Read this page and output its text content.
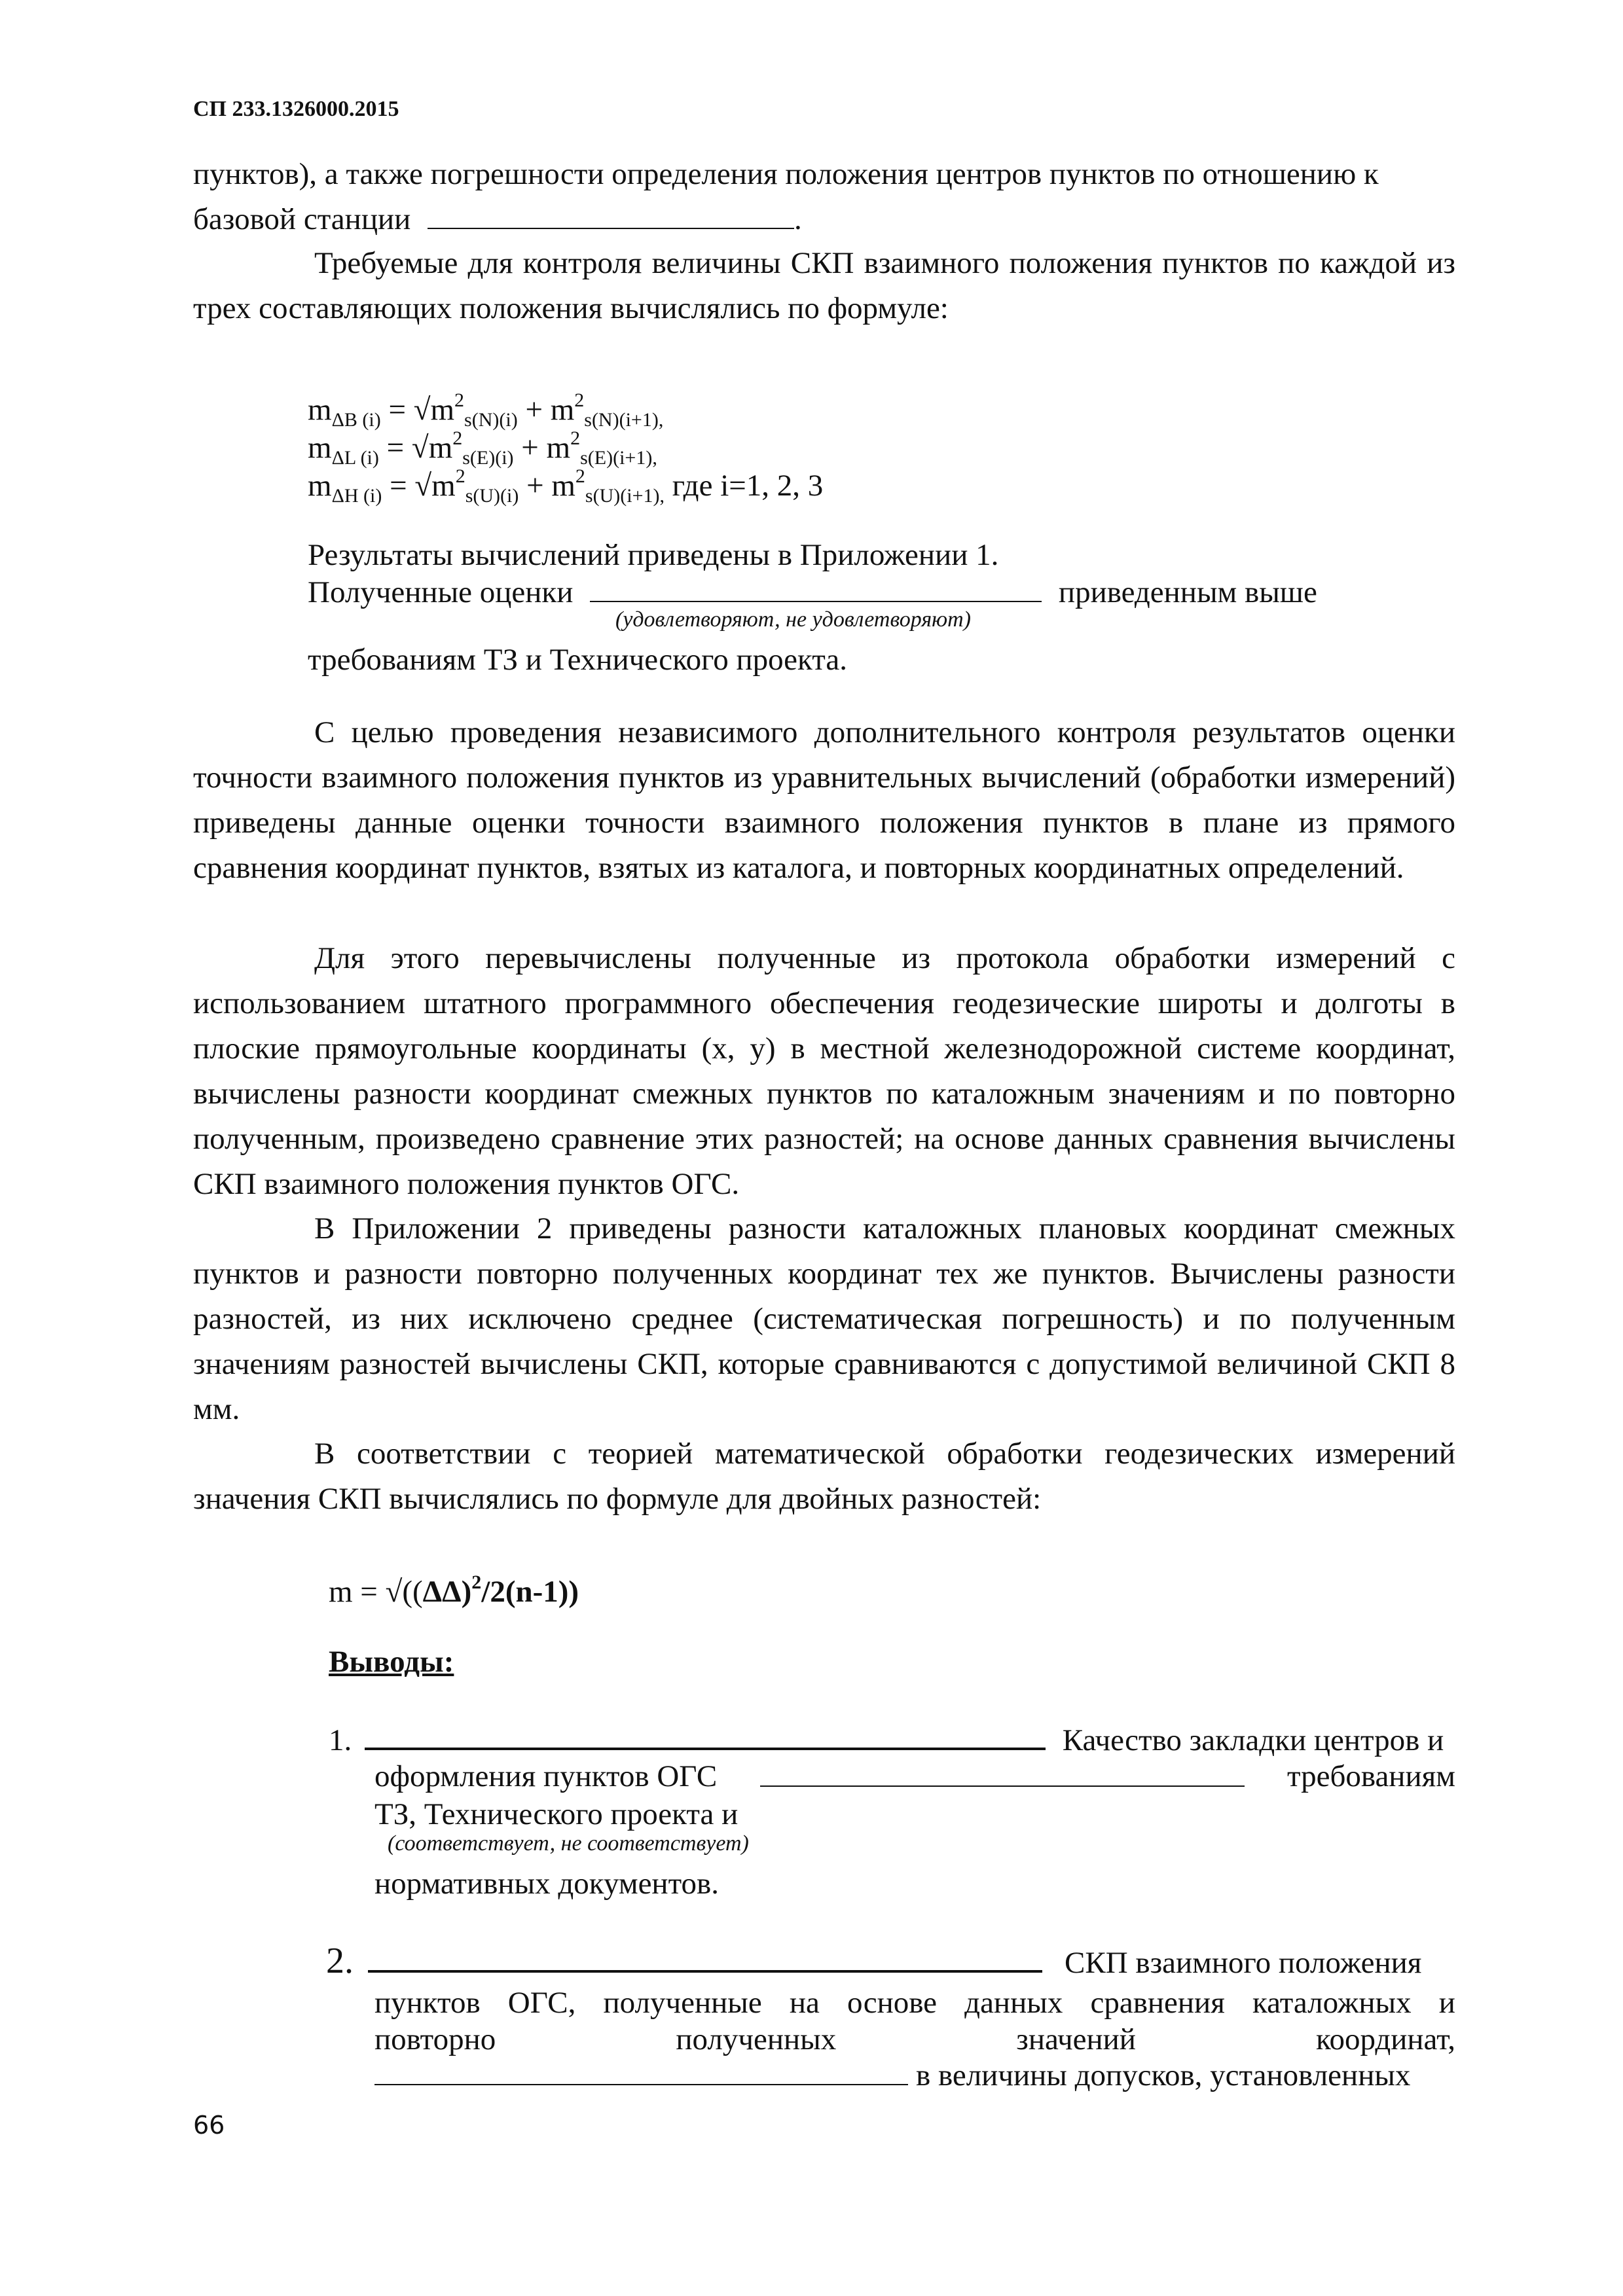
СП 233.1326000.2015
пунктов), а также погрешности определения положения центров пунктов по отношению к
базовой станции	.

Требуемые для контроля величины СКП взаимного положения пунктов по каждой из трех составляющих положения вычислялись по формуле:

$m_{\Delta B (i)} = √m^2_{s(N)(i)} + m^2_{s(N)(i+1),}$
$m_{\Delta L (i)} = √m^2_{s(E)(i)} + m^2_{s(E)(i+1),}$
$m_{\Delta H (i)} = √m^2_{s(U)(i)} + m^2_{s(U)(i+1),}$ где i=1, 2, 3
Результаты вычислений приведены в Приложении 1.
Полученные оценки	приведенным выше
(удовлетворяют, не удовлетворяют)
требованиям ТЗ и Технического проекта.

С целью проведения независимого дополнительного контроля результатов оценки точности взаимного положения пунктов из уравнительных вычислений (обработки измерений) приведены данные оценки точности взаимного положения пунктов в плане из прямого сравнения координат пунктов, взятых из каталога, и повторных координатных определений.

Для этого перевычислены полученные из протокола обработки измерений с использованием штатного программного обеспечения геодезические широты и долготы в плоские прямоугольные координаты (x, y) в местной железнодорожной системе координат, вычислены разности координат смежных пунктов по каталожным значениям и по повторно полученным, произведено сравнение этих разностей; на основе данных сравнения вычислены СКП взаимного положения пунктов ОГС.

В Приложении 2 приведены разности каталожных плановых координат смежных пунктов и разности повторно полученных координат тех же пунктов. Вычислены разности разностей, из них исключено среднее (систематическая погрешность) и по полученным значениям разностей вычислены СКП, которые сравниваются с допустимой величиной СКП 8 мм.

В соответствии с теорией математической обработки геодезических измерений значения СКП вычислялись по формуле для двойных разностей:

$m = √((\Delta\Delta)^2/2(n-1))$
Выводы:
1.	Качество закладки центров и
оформления пунктов ОГС	требованиям
ТЗ, Технического проекта и
(соответствует, не соответствует)
нормативных документов.
2.	СКП взаимного положения
пунктов ОГС, полученные на основе данных сравнения каталожных и
повторно	полученных	значений	координат,
в величины допусков, установленных
66
